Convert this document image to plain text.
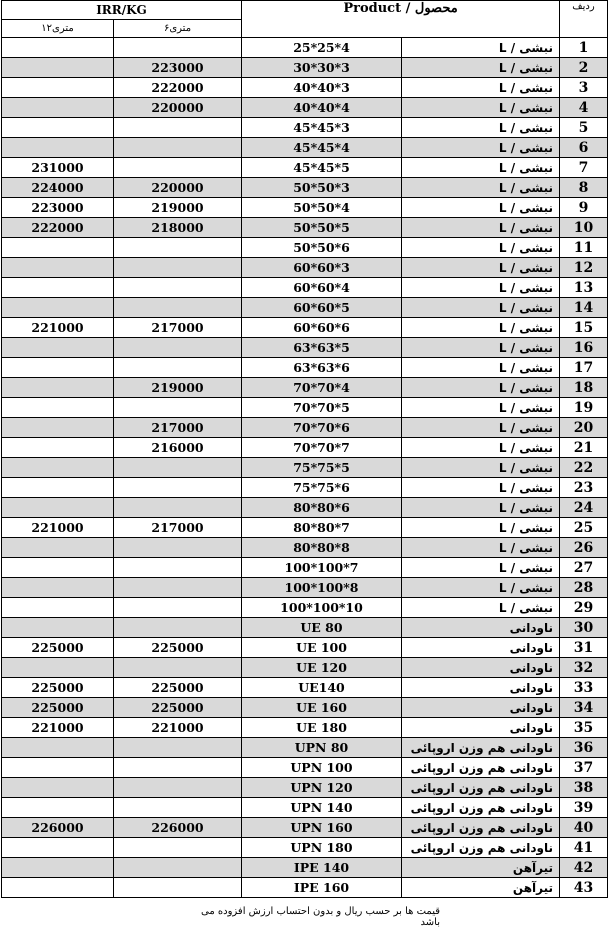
IRR/KG		Product / محصول		ردیف
۱۲متری	۶متری			
		25*25*4	نبشی / L	1
	223000	30*30*3	نبشی / L	2
	222000	40*40*3	نبشی / L	3
	220000	40*40*4	نبشی / L	4
		45*45*3	نبشی / L	5
		45*45*4	نبشی / L	6
231000		45*45*5	نبشی / L	7
224000	220000	50*50*3	نبشی / L	8
223000	219000	50*50*4	نبشی / L	9
222000	218000	50*50*5	نبشی / L	10
		50*50*6	نبشی / L	11
		60*60*3	نبشی / L	12
		60*60*4	نبشی / L	13
		60*60*5	نبشی / L	14
221000	217000	60*60*6	نبشی / L	15
		63*63*5	نبشی / L	16
		63*63*6	نبشی / L	17
	219000	70*70*4	نبشی / L	18
		70*70*5	نبشی / L	19
	217000	70*70*6	نبشی / L	20
	216000	70*70*7	نبشی / L	21
		75*75*5	نبشی / L	22
		75*75*6	نبشی / L	23
		80*80*6	نبشی / L	24
221000	217000	80*80*7	نبشی / L	25
		80*80*8	نبشی / L	26
		100*100*7	نبشی / L	27
		100*100*8	نبشی / L	28
		100*100*10	نبشی / L	29
		UE 80	ناودانی	30
225000	225000	UE 100	ناودانی	31
		UE 120	ناودانی	32
225000	225000	UE140	ناودانی	33
225000	225000	UE 160	ناودانی	34
221000	221000	UE 180	ناودانی	35
		UPN 80	ناودانی هم وزن اروپائی	36
		UPN 100	ناودانی هم وزن اروپائی	37
		UPN 120	ناودانی هم وزن اروپائی	38
		UPN 140	ناودانی هم وزن اروپائی	39
226000	226000	UPN 160	ناودانی هم وزن اروپائی	40
		UPN 180	ناودانی هم وزن اروپائی	41
		IPE 140	تیرآهن	42
		IPE 160	تیرآهن	43
قیمت ها بر حسب ریال و بدون احتساب ارزش افزوده می باشد
